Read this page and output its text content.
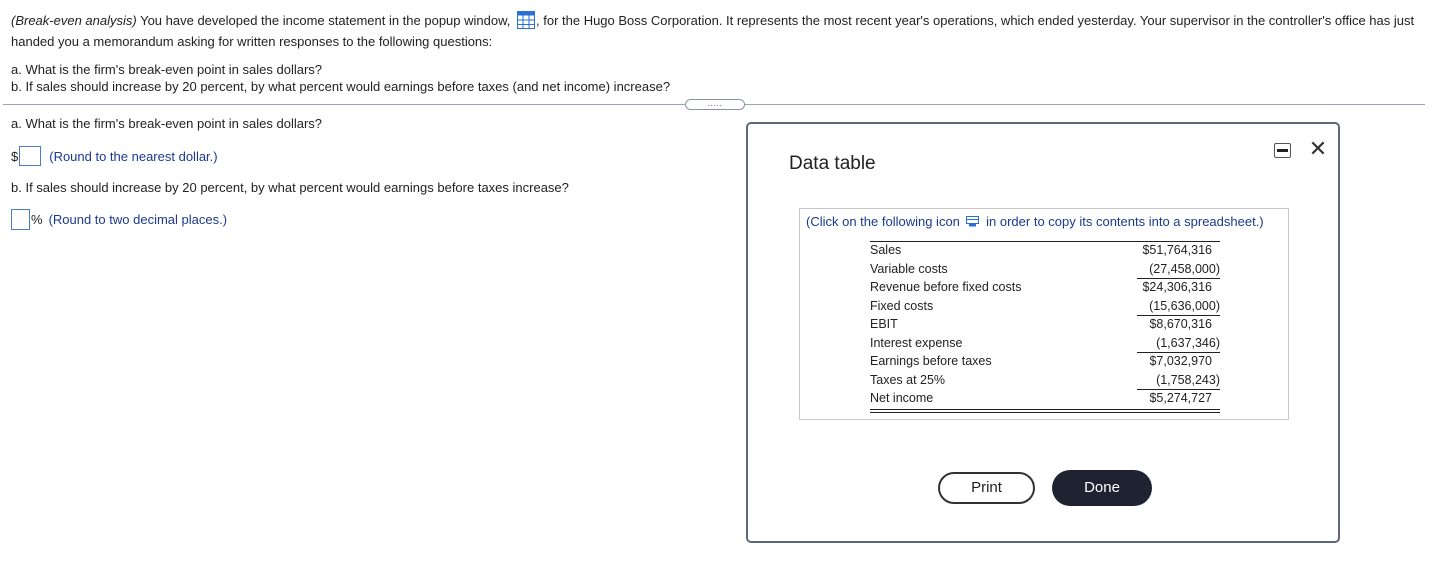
(Break-even analysis) You have developed the income statement in the popup window, , for the Hugo Boss Corporation. It represents the most recent year's operations, which ended yesterday. Your supervisor in the controller's office has just handed you a memorandum asking for written responses to the following questions:
a. What is the firm's break-even point in sales dollars?
b. If sales should increase by 20 percent, by what percent would earnings before taxes (and net income) increase?
.....
a. What is the firm's break-even point in sales dollars?
$ (Round to the nearest dollar.)
b. If sales should increase by 20 percent, by what percent would earnings before taxes increase?
% (Round to two decimal places.)
Data table
✕
(Click on the following icon  in order to copy its contents into a spreadsheet.)
Sales	$51,764,316
Variable costs	(27,458,000)
Revenue before fixed costs	$24,306,316
Fixed costs	(15,636,000)
EBIT	$8,670,316
Interest expense	(1,637,346)
Earnings before taxes	$7,032,970
Taxes at 25%	(1,758,243)
Net income	$5,274,727
Print	Done
